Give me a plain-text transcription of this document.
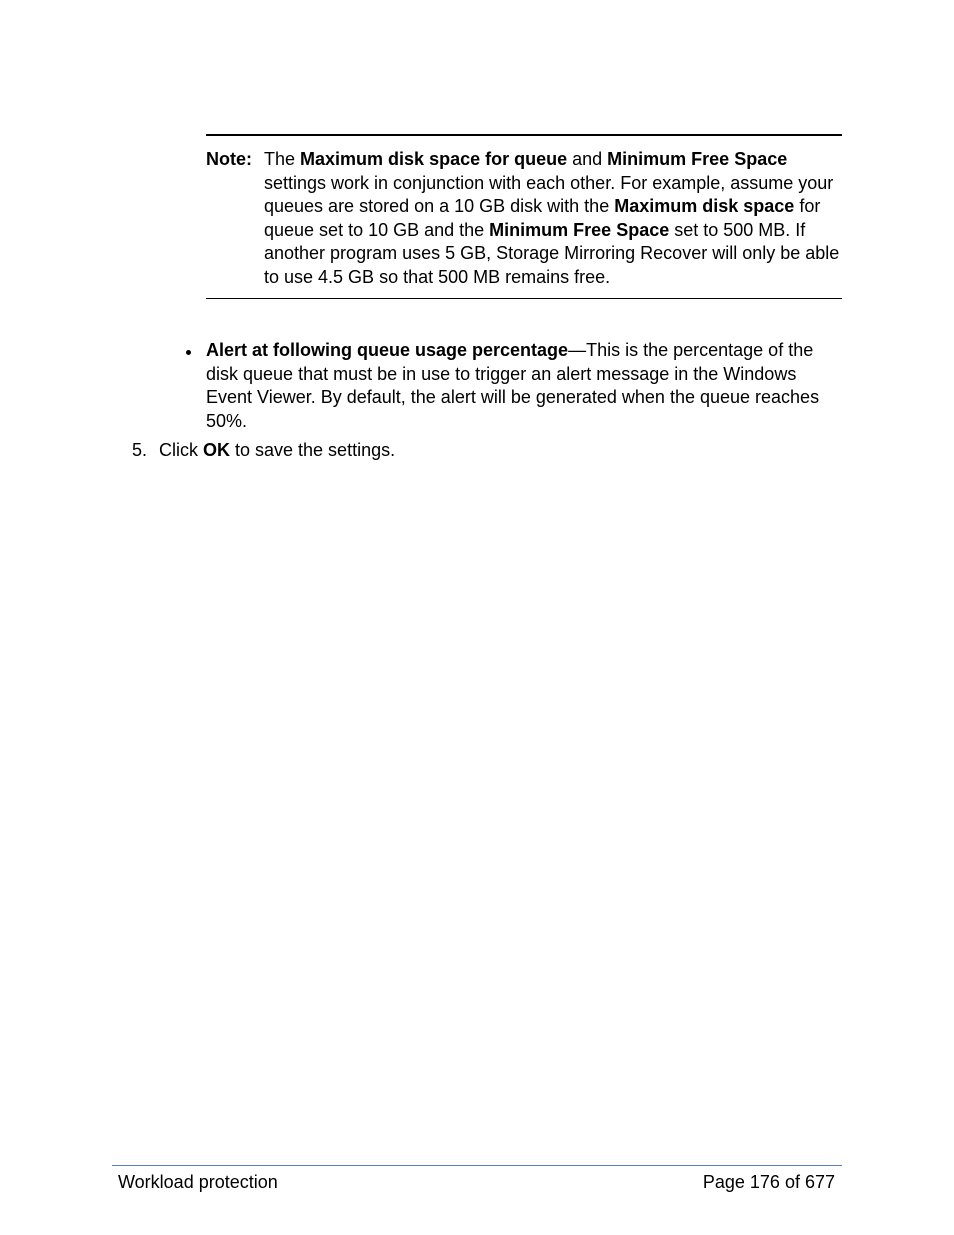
Note: The Maximum disk space for queue and Minimum Free Space settings work in conjunction with each other. For example, assume your queues are stored on a 10 GB disk with the Maximum disk space for queue set to 10 GB and the Minimum Free Space set to 500 MB. If another program uses 5 GB, Storage Mirroring Recover will only be able to use 4.5 GB so that 500 MB remains free.
Alert at following queue usage percentage—This is the percentage of the disk queue that must be in use to trigger an alert message in the Windows Event Viewer. By default, the alert will be generated when the queue reaches 50%.
5. Click OK to save the settings.
Workload protection	Page 176 of 677
